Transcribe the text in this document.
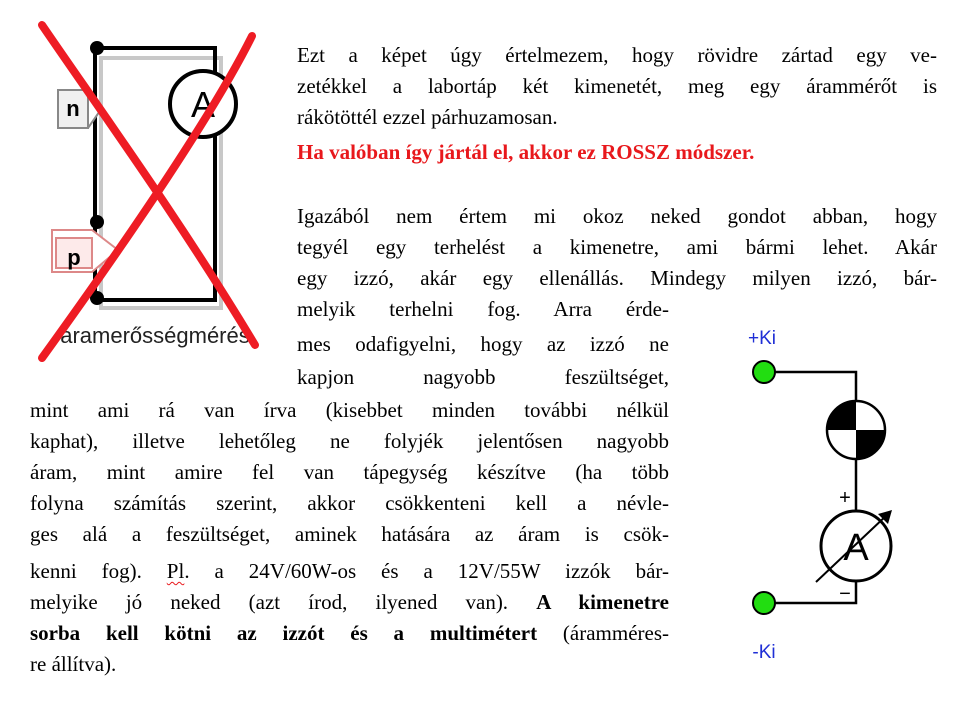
A
n
p
áramerősségmérés	+Ki
-Ki
A
+
−
Ezt a képet úgy értelmezem, hogy rövidre zártad egy ve-
zetékkel a labortáp két kimenetét, meg egy árammérőt is
rákötöttél ezzel párhuzamosan.
Ha valóban így jártál el, akkor ez ROSSZ módszer.
Igazából nem értem mi okoz neked gondot abban, hogy
tegyél egy terhelést a kimenetre, ami bármi lehet. Akár
egy izzó, akár egy ellenállás. Mindegy milyen izzó, bár-
melyik terhelni fog. Arra érde-
mes odafigyelni, hogy az izzó ne
kapjon nagyobb feszültséget,
mint ami rá van írva (kisebbet minden további nélkül
kaphat), illetve lehetőleg ne folyjék jelentősen nagyobb
áram, mint amire fel van tápegység készítve (ha több
folyna számítás szerint, akkor csökkenteni kell a névle-
ges alá a feszültséget, aminek hatására az áram is csök-
kenni fog). Pl. a 24V/60W-os és a 12V/55W izzók bár-
melyike jó neked (azt írod, ilyened van). A kimenetre
sorba kell kötni az izzót és a multimétert (áramméres-
re állítva).
